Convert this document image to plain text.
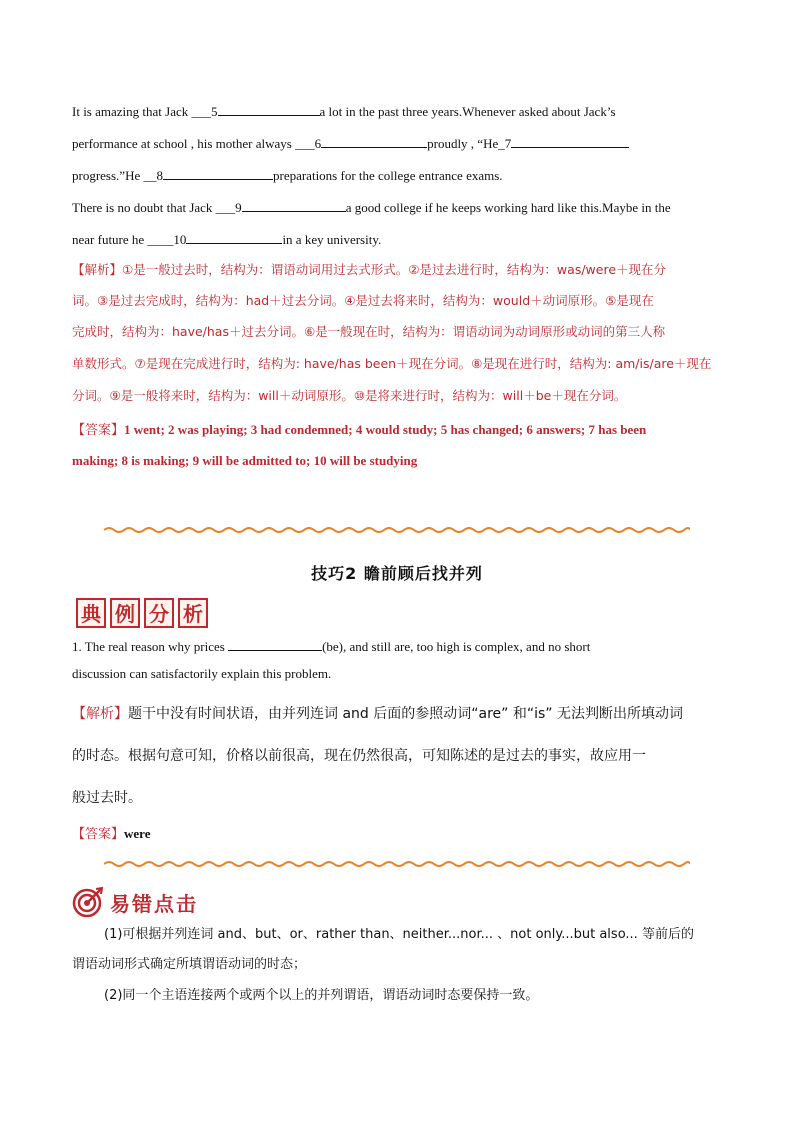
It is amazing that Jack ___5	a lot in the past three years.Whenever asked about Jack’s
performance at school , his mother always ___6	proudly , “He_7
progress.”He __8	preparations for the college entrance exams.
There is no doubt that Jack ___9	a good college if he keeps working hard like this.Maybe in the
near future he ____10	in a key university.
【解析】①是一般过去时，结构为：谓语动词用过去式形式。②是过去进行时，结构为：was/were＋现在分
词。③是过去完成时，结构为：had＋过去分词。④是过去将来时，结构为：would＋动词原形。⑤是现在
完成时，结构为：have/has＋过去分词。⑥是一般现在时，结构为：谓语动词为动词原形或动词的第三人称
单数形式。⑦是现在完成进行时，结构为: have/has been＋现在分词。⑧是现在进行时，结构为: am/is/are＋现在
分词。⑨是一般将来时，结构为：will＋动词原形。⑩是将来进行时，结构为：will＋be＋现在分词。
【答案】1 went; 2 was playing; 3 had condemned; 4 would study; 5 has changed; 6 answers; 7 has been
making; 8 is making; 9 will be admitted to; 10 will be studying
技巧2 瞻前顾后找并列
典 例 分 析
1. The real reason why prices	(be), and still are, too high is complex, and no short
discussion can satisfactorily explain this problem.
【解析】题干中没有时间状语，由并列连词 and 后面的参照动词“are” 和“is” 无法判断出所填动词
的时态。根据句意可知，价格以前很高，现在仍然很高，可知陈述的是过去的事实，故应用一
般过去时。
【答案】were
易错点击
(1)可根据并列连词 and、but、or、rather than、neither...nor... 、not only...but also... 等前后的
谓语动词形式确定所填谓语动词的时态；
(2)同一个主语连接两个或两个以上的并列谓语，谓语动词时态要保持一致。
